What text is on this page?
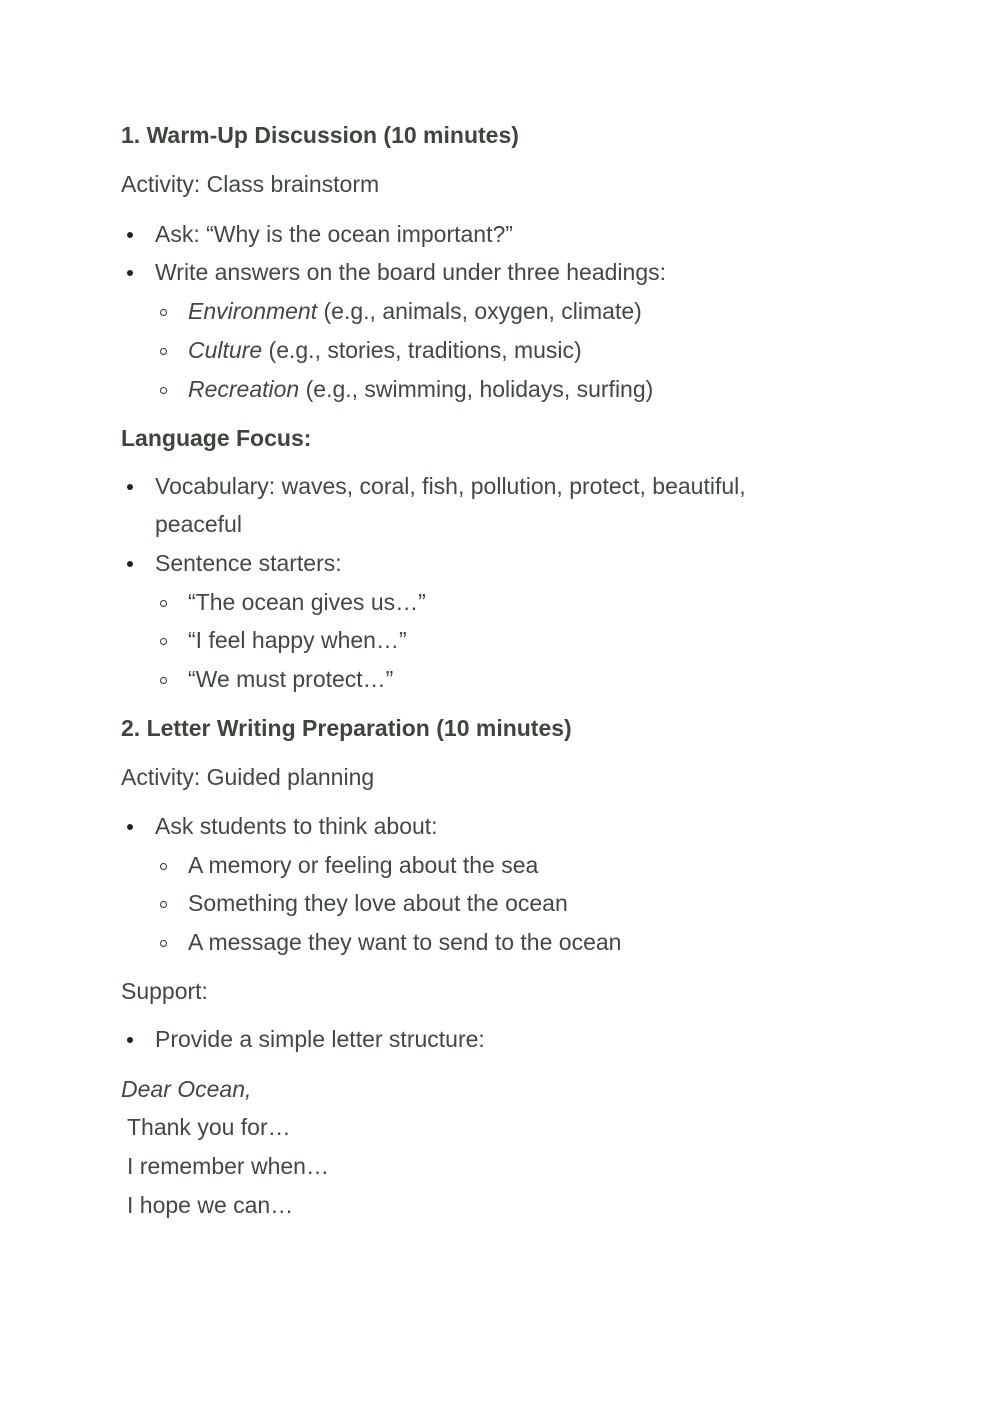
1. Warm-Up Discussion (10 minutes)

Activity: Class brainstorm

Ask: “Why is the ocean important?”
Write answers on the board under three headings:
Environment (e.g., animals, oxygen, climate)
Culture (e.g., stories, traditions, music)
Recreation (e.g., swimming, holidays, surfing)

Language Focus:

Vocabulary: waves, coral, fish, pollution, protect, beautiful,
peaceful
Sentence starters:
“The ocean gives us…”
“I feel happy when…”
“We must protect…”

2. Letter Writing Preparation (10 minutes)

Activity: Guided planning

Ask students to think about:
A memory or feeling about the sea
Something they love about the ocean
A message they want to send to the ocean

Support:

Provide a simple letter structure:

Dear Ocean,

Thank you for…

I remember when…

I hope we can…
